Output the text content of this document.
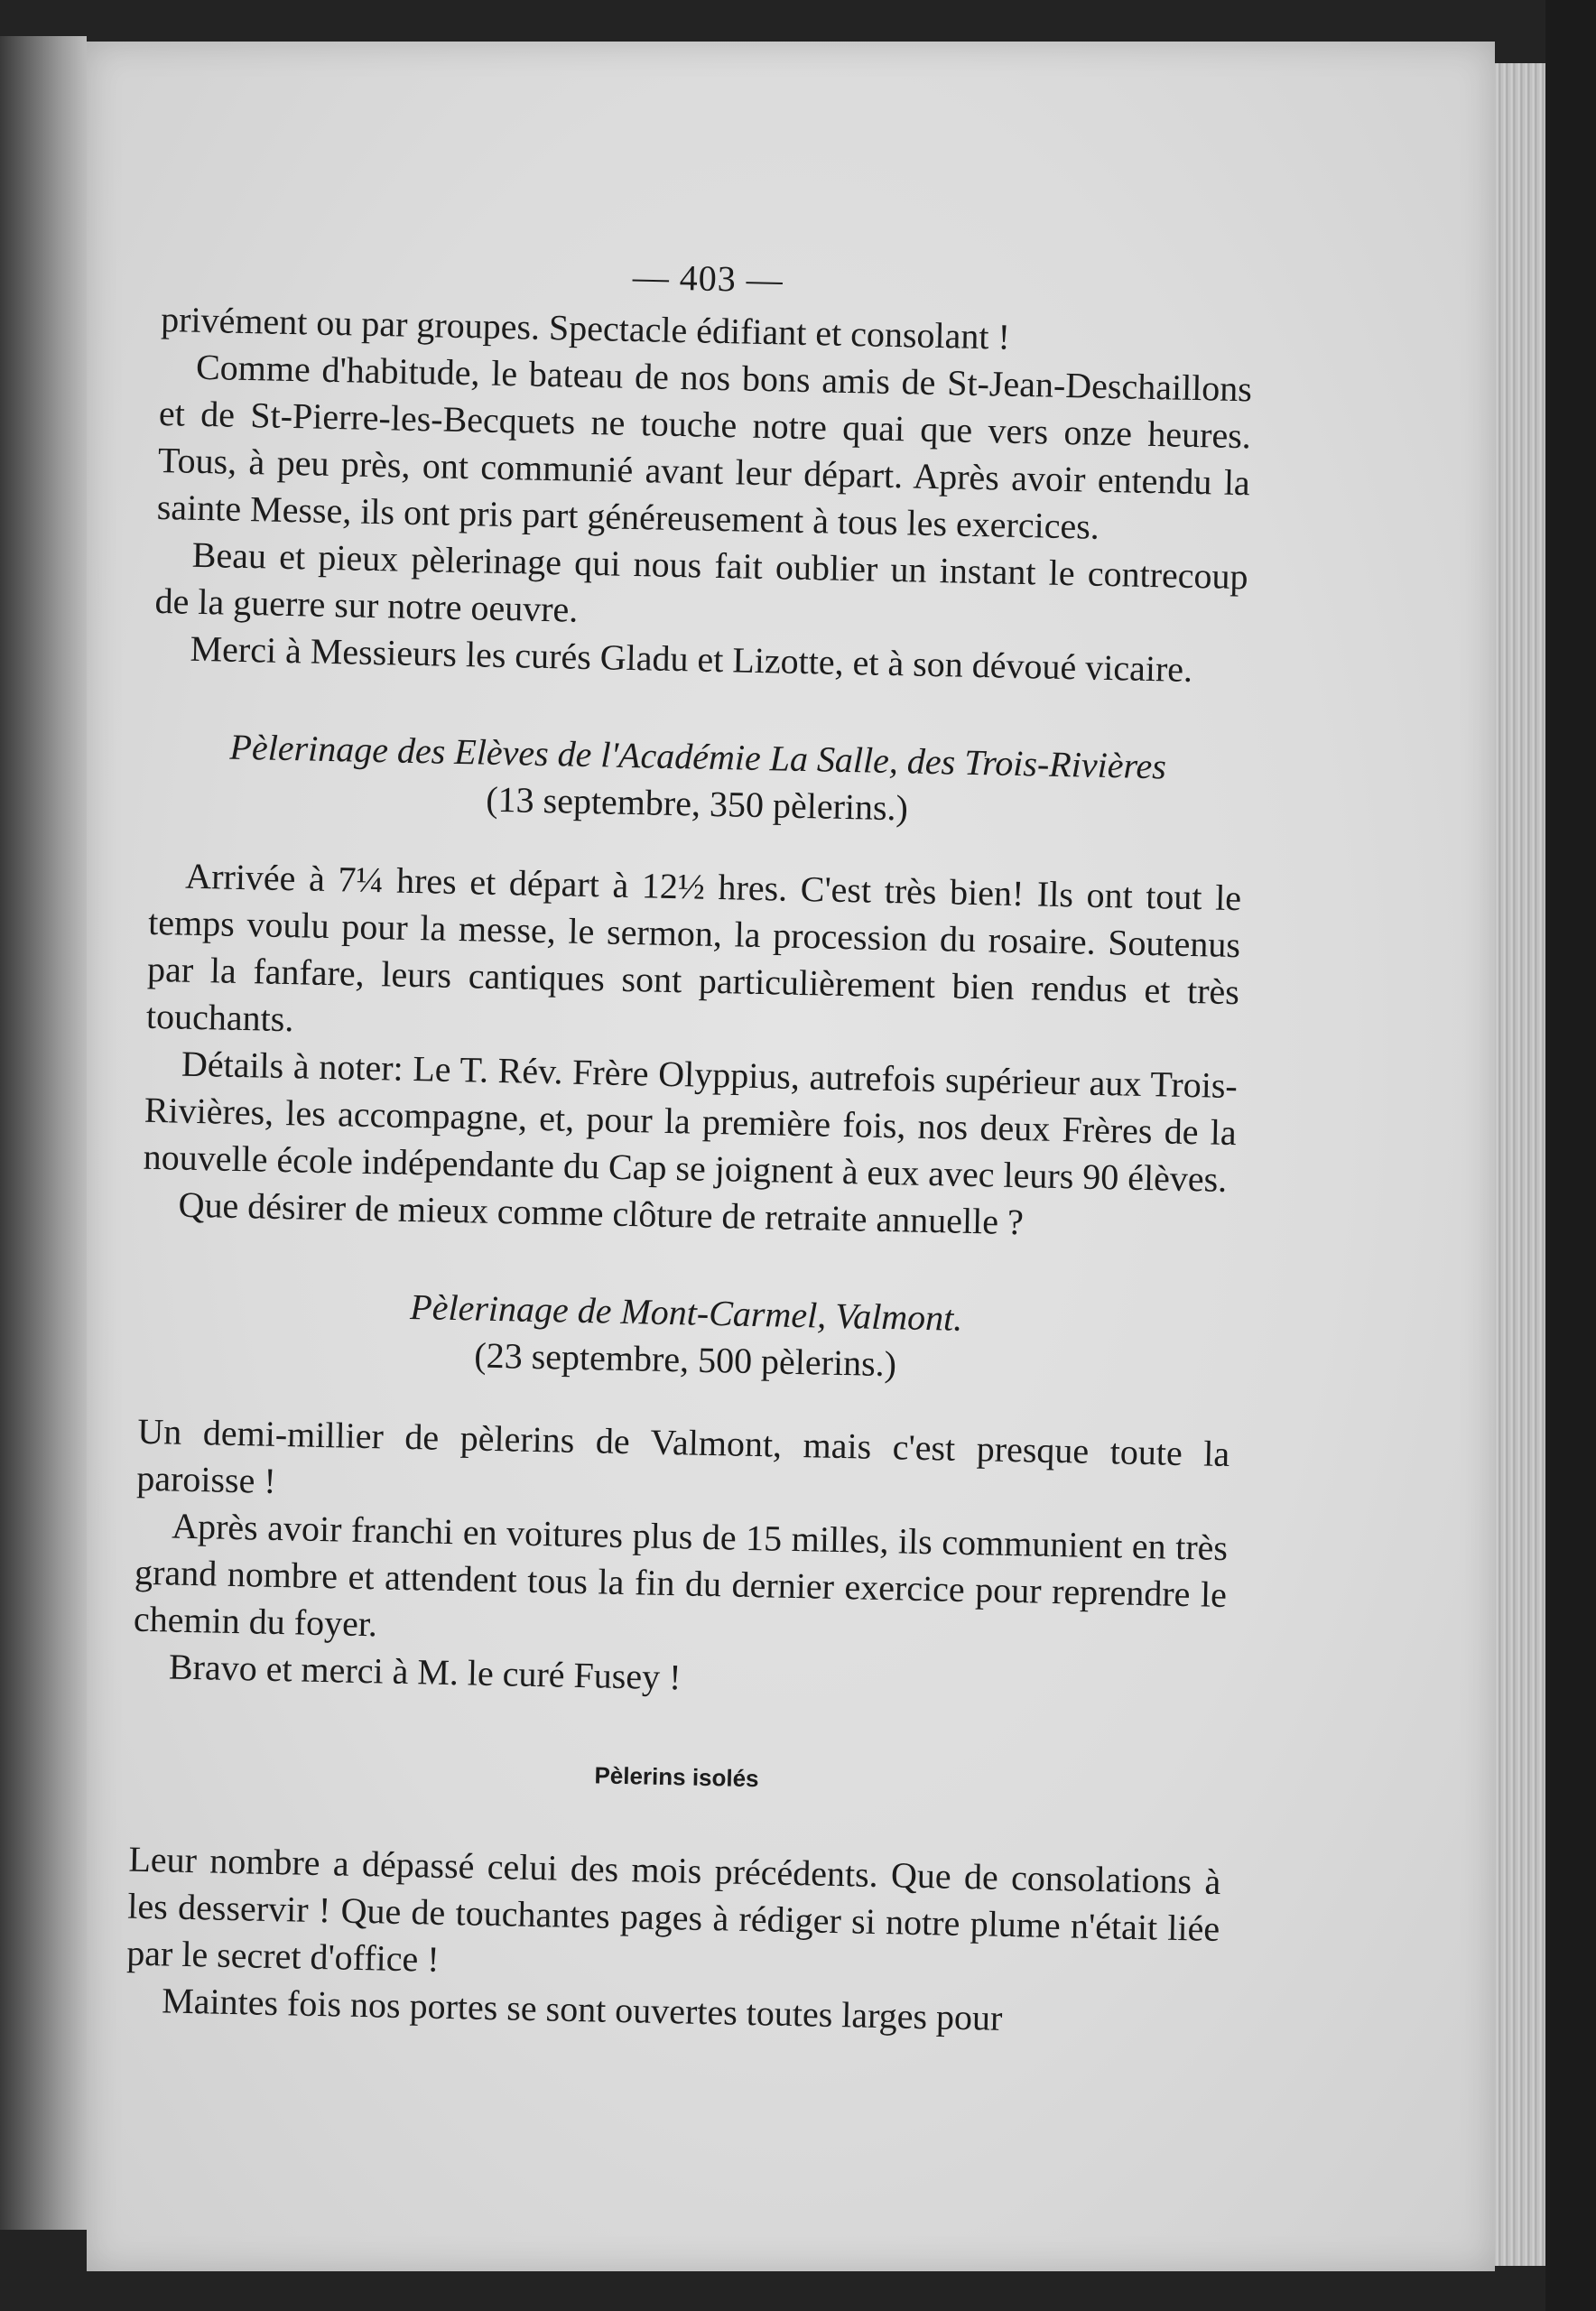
— 403 —

privément ou par groupes. Spectacle édifiant et consolant !

Comme d'habitude, le bateau de nos bons amis de St-Jean-Deschaillons et de St-Pierre-les-Becquets ne touche notre quai que vers onze heures. Tous, à peu près, ont communié avant leur départ. Après avoir entendu la sainte Messe, ils ont pris part généreusement à tous les exercices.

Beau et pieux pèlerinage qui nous fait oublier un instant le contrecoup de la guerre sur notre oeuvre.

Merci à Messieurs les curés Gladu et Lizotte, et à son dévoué vicaire.

Pèlerinage des Elèves de l'Académie La Salle, des Trois-Rivières (13 septembre, 350 pèlerins.)

Arrivée à 7¼ hres et départ à 12½ hres. C'est très bien! Ils ont tout le temps voulu pour la messe, le sermon, la procession du rosaire. Soutenus par la fanfare, leurs cantiques sont particulièrement bien rendus et très touchants.

Détails à noter: Le T. Rév. Frère Olyppius, autrefois supérieur aux Trois-Rivières, les accompagne, et, pour la première fois, nos deux Frères de la nouvelle école indépendante du Cap se joignent à eux avec leurs 90 élèves.

Que désirer de mieux comme clôture de retraite annuelle ?

Pèlerinage de Mont-Carmel, Valmont.
(23 septembre, 500 pèlerins.)

Un demi-millier de pèlerins de Valmont, mais c'est presque toute la paroisse !

Après avoir franchi en voitures plus de 15 milles, ils communient en très grand nombre et attendent tous la fin du dernier exercice pour reprendre le chemin du foyer.

Bravo et merci à M. le curé Fusey !

Pèlerins isolés

Leur nombre a dépassé celui des mois précédents. Que de consolations à les desservir ! Que de touchantes pages à rédiger si notre plume n'était liée par le secret d'office !

Maintes fois nos portes se sont ouvertes toutes larges pour
